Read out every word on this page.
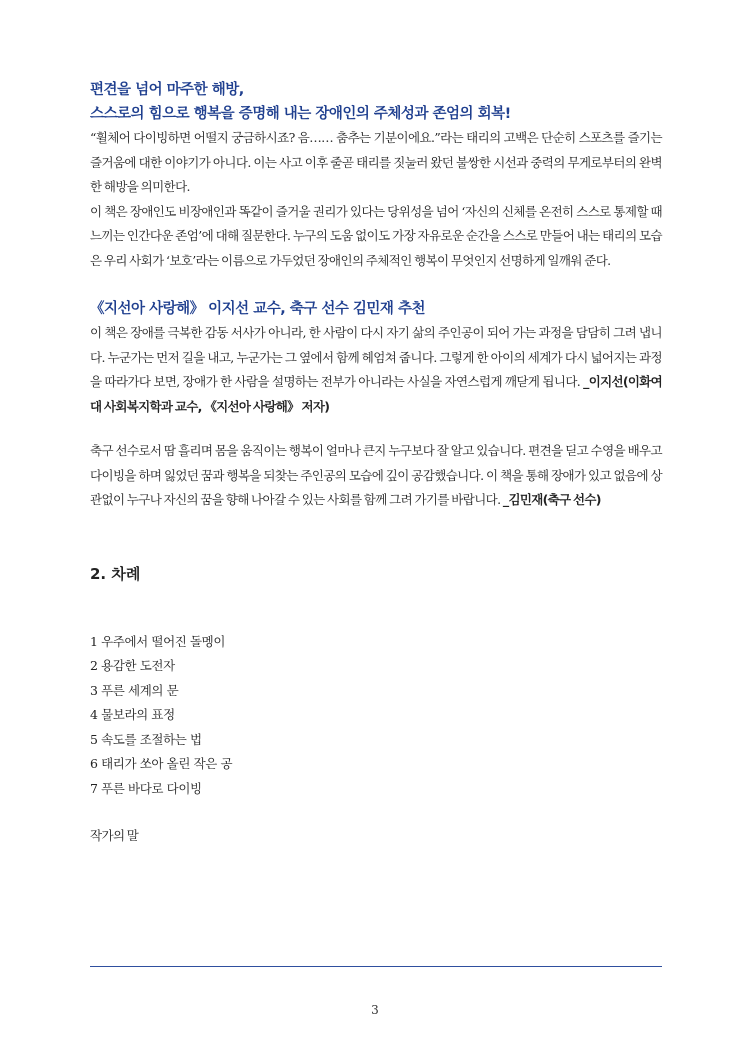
편견을 넘어 마주한 해방,

스스로의 힘으로 행복을 증명해 내는 장애인의 주체성과 존엄의 회복!

“휠체어 다이빙하면 어떨지 궁금하시죠? 음…… 춤추는 기분이에요.”라는 태리의 고백은 단순히 스포츠를 즐기는 즐거움에 대한 이야기가 아니다. 이는 사고 이후 줄곧 태리를 짓눌러 왔던 불쌍한 시선과 중력의 무게로부터의 완벽한 해방을 의미한다.

이 책은 장애인도 비장애인과 똑같이 즐거울 권리가 있다는 당위성을 넘어 ‘자신의 신체를 온전히 스스로 통제할 때 느끼는 인간다운 존엄’에 대해 질문한다. 누구의 도움 없이도 가장 자유로운 순간을 스스로 만들어 내는 태리의 모습은 우리 사회가 ‘보호’라는 이름으로 가두었던 장애인의 주체적인 행복이 무엇인지 선명하게 일깨워 준다.

《지선아 사랑해》 이지선 교수, 축구 선수 김민재 추천

이 책은 장애를 극복한 감동 서사가 아니라, 한 사람이 다시 자기 삶의 주인공이 되어 가는 과정을 담담히 그려 냅니다. 누군가는 먼저 길을 내고, 누군가는 그 옆에서 함께 헤엄쳐 줍니다. 그렇게 한 아이의 세계가 다시 넓어지는 과정을 따라가다 보면, 장애가 한 사람을 설명하는 전부가 아니라는 사실을 자연스럽게 깨닫게 됩니다. _이지선(이화여대 사회복지학과 교수, 《지선아 사랑해》 저자)

축구 선수로서 땀 흘리며 몸을 움직이는 행복이 얼마나 큰지 누구보다 잘 알고 있습니다. 편견을 딛고 수영을 배우고 다이빙을 하며 잃었던 꿈과 행복을 되찾는 주인공의 모습에 깊이 공감했습니다. 이 책을 통해 장애가 있고 없음에 상관없이 누구나 자신의 꿈을 향해 나아갈 수 있는 사회를 함께 그려 가기를 바랍니다. _김민재(축구 선수)

2. 차례

1 우주에서 떨어진 돌멩이
2 용감한 도전자
3 푸른 세계의 문
4 물보라의 표정
5 속도를 조절하는 법
6 태리가 쏘아 올린 작은 공
7 푸른 바다로 다이빙

작가의 말

3
